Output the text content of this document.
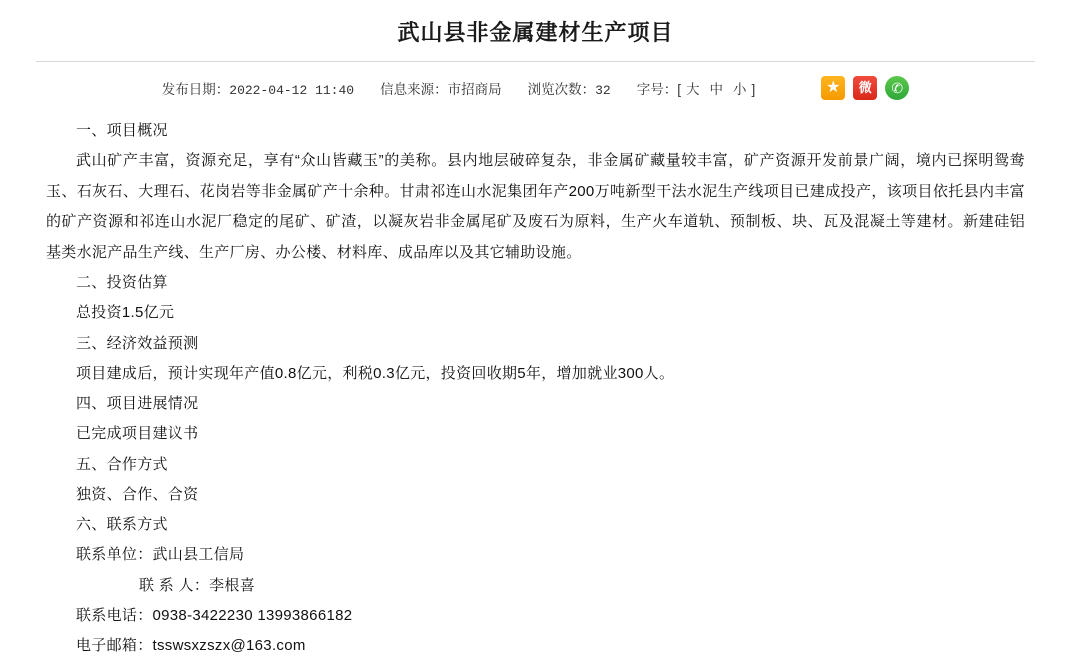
武山县非金属建材生产项目
发布日期：2022-04-12 11:40 信息来源：市招商局 浏览次数：32 字号：[ 大 中 小 ]	★	微	✆

一、项目概况

武山矿产丰富，资源充足，享有“众山皆藏玉”的美称。县内地层破碎复杂，非金属矿藏量较丰富，矿产资源开发前景广阔，境内已探明鸳鸯玉、石灰石、大理石、花岗岩等非金属矿产十余种。甘肃祁连山水泥集团年产200万吨新型干法水泥生产线项目已建成投产，该项目依托县内丰富的矿产资源和祁连山水泥厂稳定的尾矿、矿渣，以凝灰岩非金属尾矿及废石为原料，生产火车道轨、预制板、块、瓦及混凝土等建材。新建硅铝基类水泥产品生产线、生产厂房、办公楼、材料库、成品库以及其它辅助设施。

二、投资估算

总投资1.5亿元

三、经济效益预测

项目建成后，预计实现年产值0.8亿元，利税0.3亿元，投资回收期5年，增加就业300人。

四、项目进展情况

已完成项目建议书

五、合作方式

独资、合作、合资

六、联系方式

联系单位：武山县工信局

联 系 人：李根喜

联系电话：0938-3422230 13993866182

电子邮箱：tsswsxzszx@163.com
